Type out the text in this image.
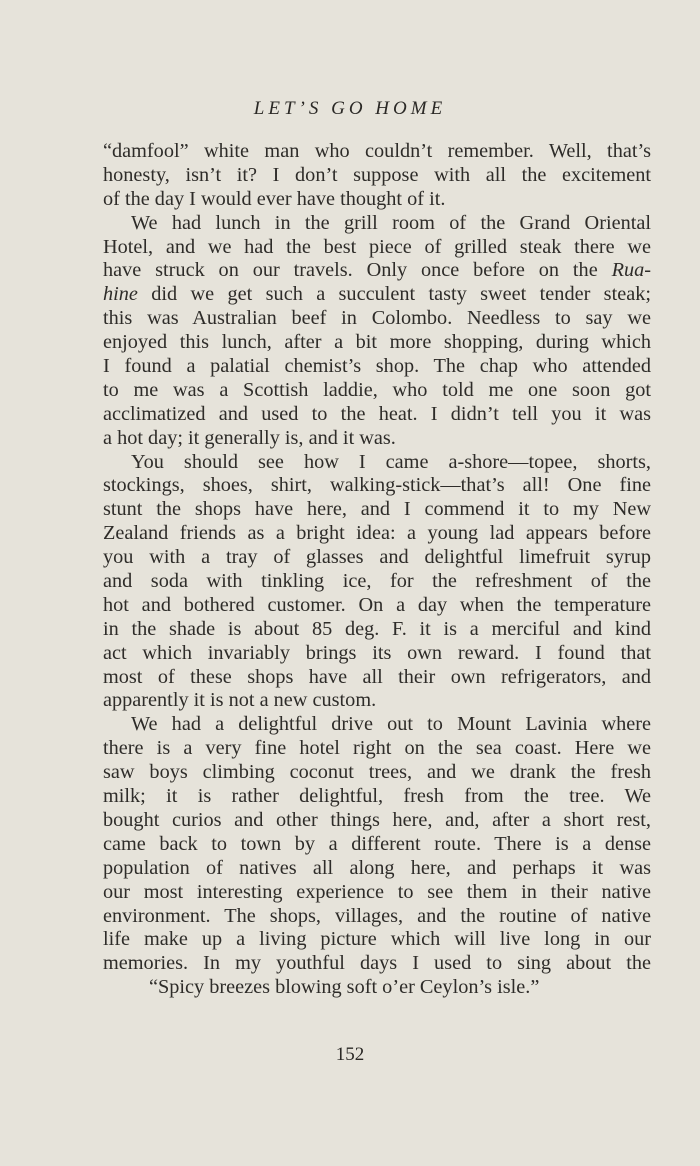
LET’S GO HOME
“damfool” white man who couldn’t remember. Well, that’s
honesty, isn’t it? I don’t suppose with all the excitement
of the day I would ever have thought of it.
We had lunch in the grill room of the Grand Oriental
Hotel, and we had the best piece of grilled steak there we
have struck on our travels. Only once before on the Rua-
hine did we get such a succulent tasty sweet tender steak;
this was Australian beef in Colombo. Needless to say we
enjoyed this lunch, after a bit more shopping, during which
I found a palatial chemist’s shop. The chap who attended
to me was a Scottish laddie, who told me one soon got
acclimatized and used to the heat. I didn’t tell you it was
a hot day; it generally is, and it was.
You should see how I came a-shore—topee, shorts,
stockings, shoes, shirt, walking-stick—that’s all! One fine
stunt the shops have here, and I commend it to my New
Zealand friends as a bright idea: a young lad appears before
you with a tray of glasses and delightful limefruit syrup
and soda with tinkling ice, for the refreshment of the
hot and bothered customer. On a day when the temperature
in the shade is about 85 deg. F. it is a merciful and kind
act which invariably brings its own reward. I found that
most of these shops have all their own refrigerators, and
apparently it is not a new custom.
We had a delightful drive out to Mount Lavinia where
there is a very fine hotel right on the sea coast. Here we
saw boys climbing coconut trees, and we drank the fresh
milk; it is rather delightful, fresh from the tree. We
bought curios and other things here, and, after a short rest,
came back to town by a different route. There is a dense
population of natives all along here, and perhaps it was
our most interesting experience to see them in their native
environment. The shops, villages, and the routine of native
life make up a living picture which will live long in our
memories. In my youthful days I used to sing about the
“Spicy breezes blowing soft o’er Ceylon’s isle.”
152
